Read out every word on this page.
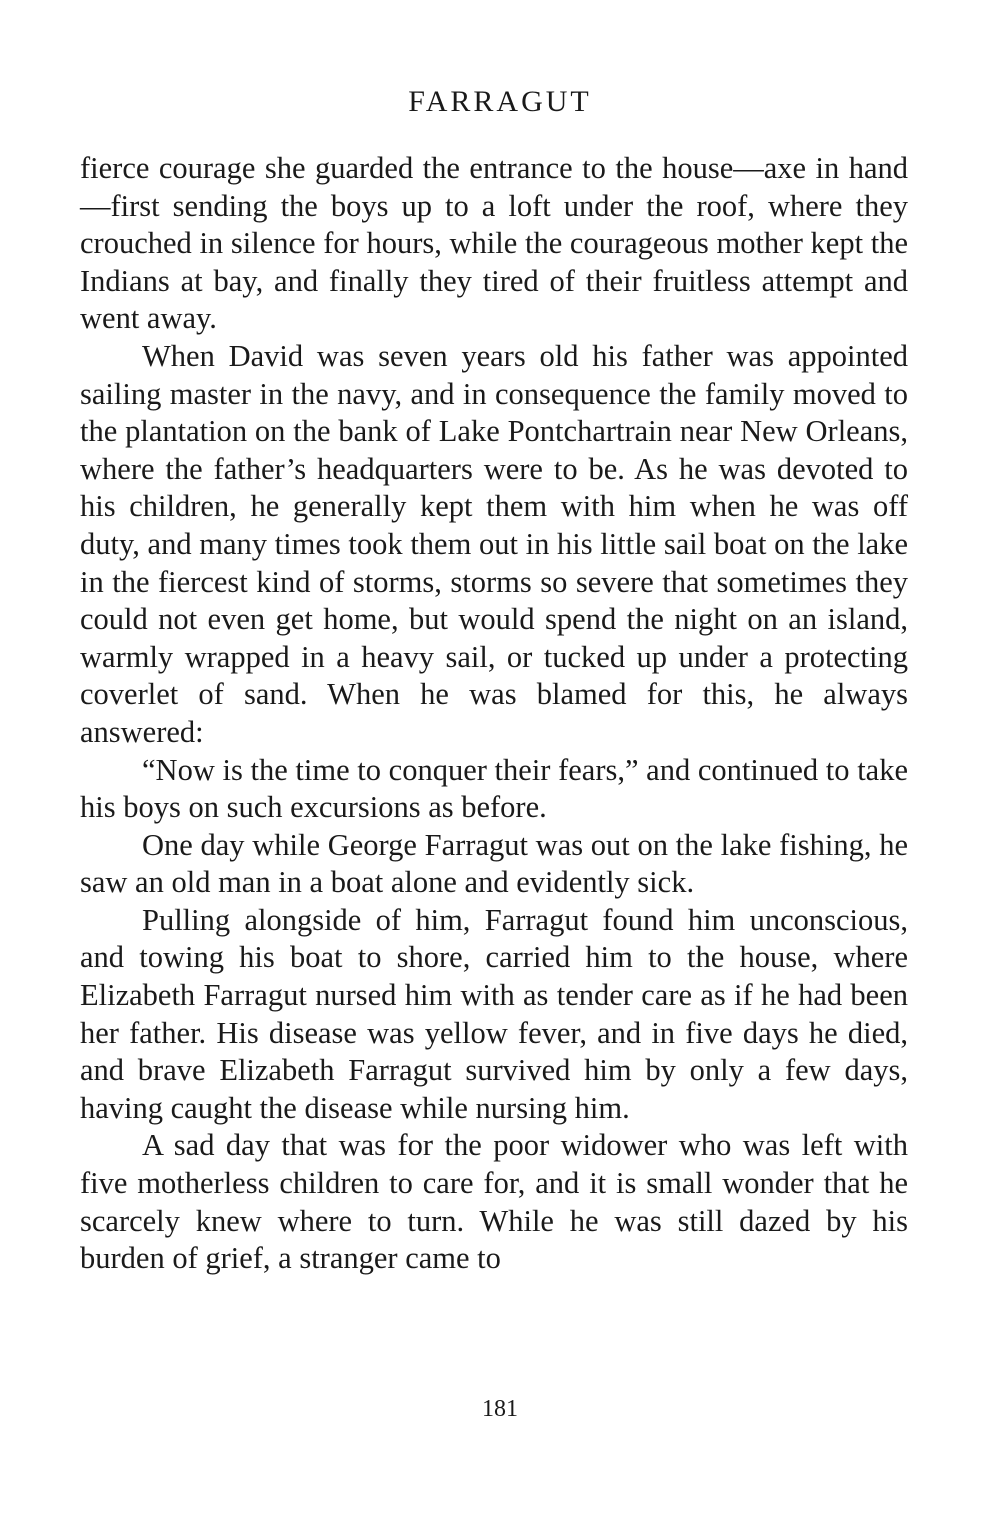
FARRAGUT

fierce courage she guarded the entrance to the house—axe in hand—first sending the boys up to a loft under the roof, where they crouched in silence for hours, while the courageous mother kept the Indians at bay, and finally they tired of their fruitless attempt and went away.

When David was seven years old his father was appointed sailing master in the navy, and in consequence the family moved to the plantation on the bank of Lake Pontchartrain near New Orleans, where the father’s headquarters were to be. As he was devoted to his children, he generally kept them with him when he was off duty, and many times took them out in his little sail boat on the lake in the fiercest kind of storms, storms so severe that sometimes they could not even get home, but would spend the night on an island, warmly wrapped in a heavy sail, or tucked up under a protecting coverlet of sand. When he was blamed for this, he always answered:

“Now is the time to conquer their fears,” and continued to take his boys on such excursions as before.

One day while George Farragut was out on the lake fishing, he saw an old man in a boat alone and evidently sick.

Pulling alongside of him, Farragut found him unconscious, and towing his boat to shore, carried him to the house, where Elizabeth Farragut nursed him with as tender care as if he had been her father. His disease was yellow fever, and in five days he died, and brave Elizabeth Farragut survived him by only a few days, having caught the disease while nursing him.

A sad day that was for the poor widower who was left with five motherless children to care for, and it is small wonder that he scarcely knew where to turn. While he was still dazed by his burden of grief, a stranger came to

181
